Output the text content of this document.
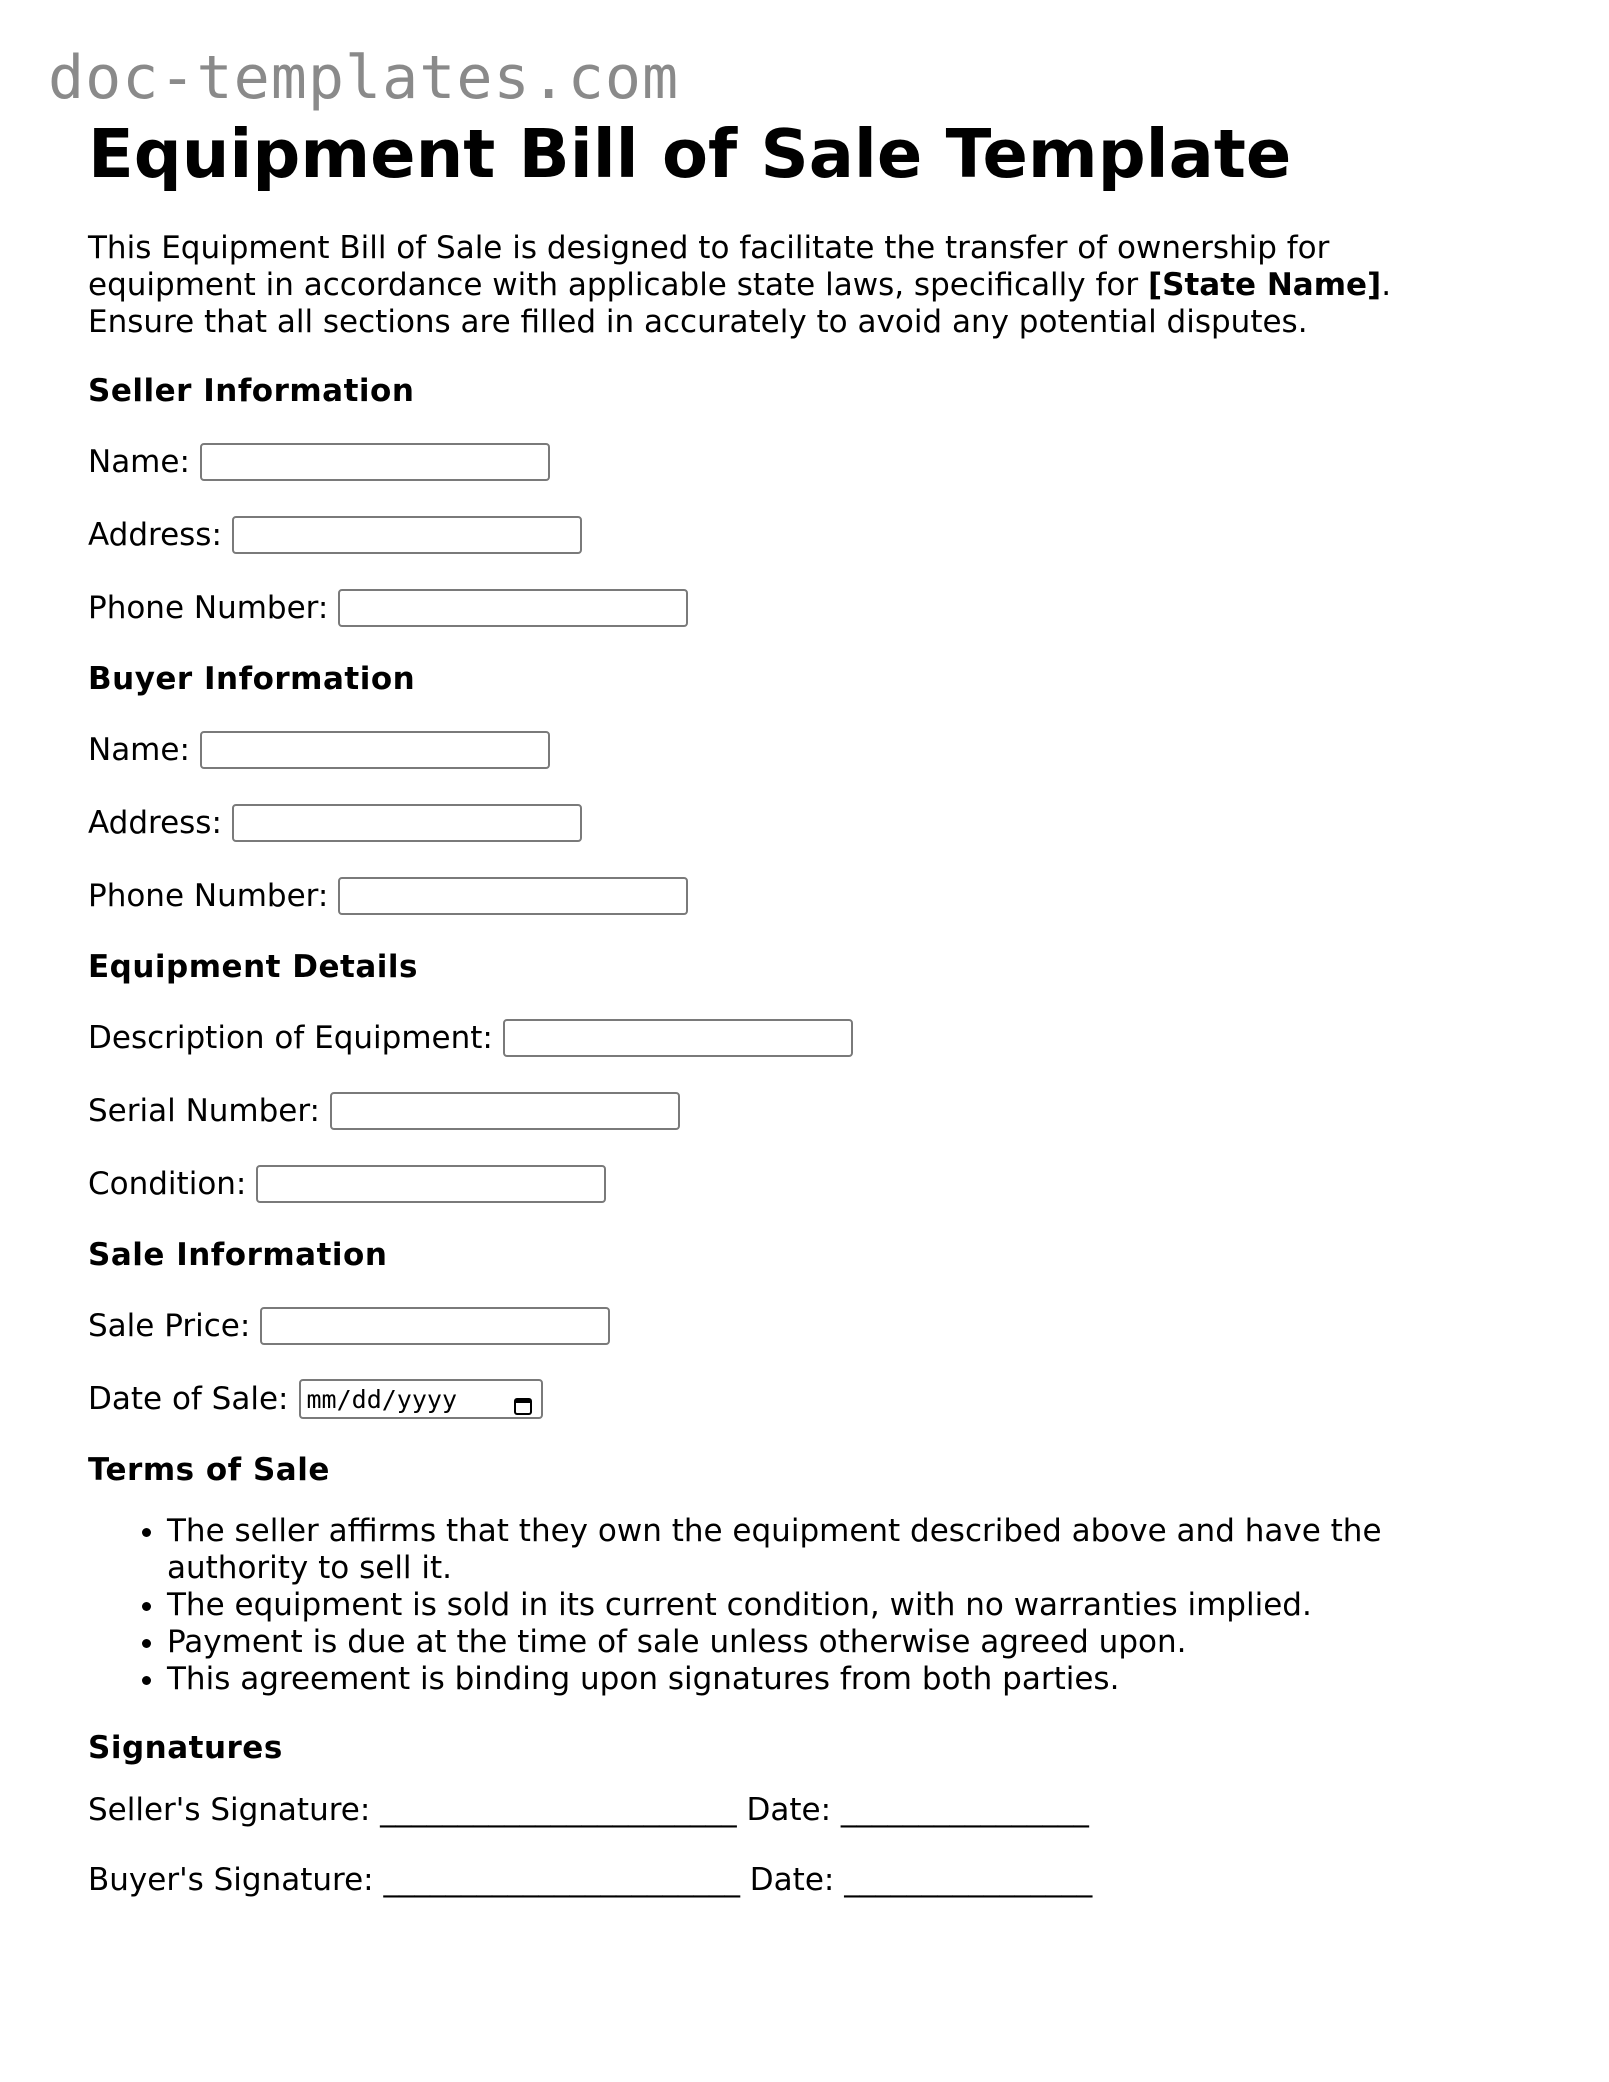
doc-templates.com
Equipment Bill of Sale Template

This Equipment Bill of Sale is designed to facilitate the transfer of ownership for equipment in accordance with applicable state laws, specifically for [State Name]. Ensure that all sections are filled in accurately to avoid any potential disputes.

Seller Information
Name:
Address:
Phone Number:
Buyer Information
Name:
Address:
Phone Number:
Equipment Details
Description of Equipment:
Serial Number:
Condition:
Sale Information
Sale Price:
Date of Sale: mm/dd/yyyy
Terms of Sale
• The seller affirms that they own the equipment described above and have the authority to sell it.
• The equipment is sold in its current condition, with no warranties implied.
• Payment is due at the time of sale unless otherwise agreed upon.
• This agreement is binding upon signatures from both parties.
Signatures
Seller's Signature: _______________________ Date: ________________
Buyer's Signature: _______________________ Date: ________________
